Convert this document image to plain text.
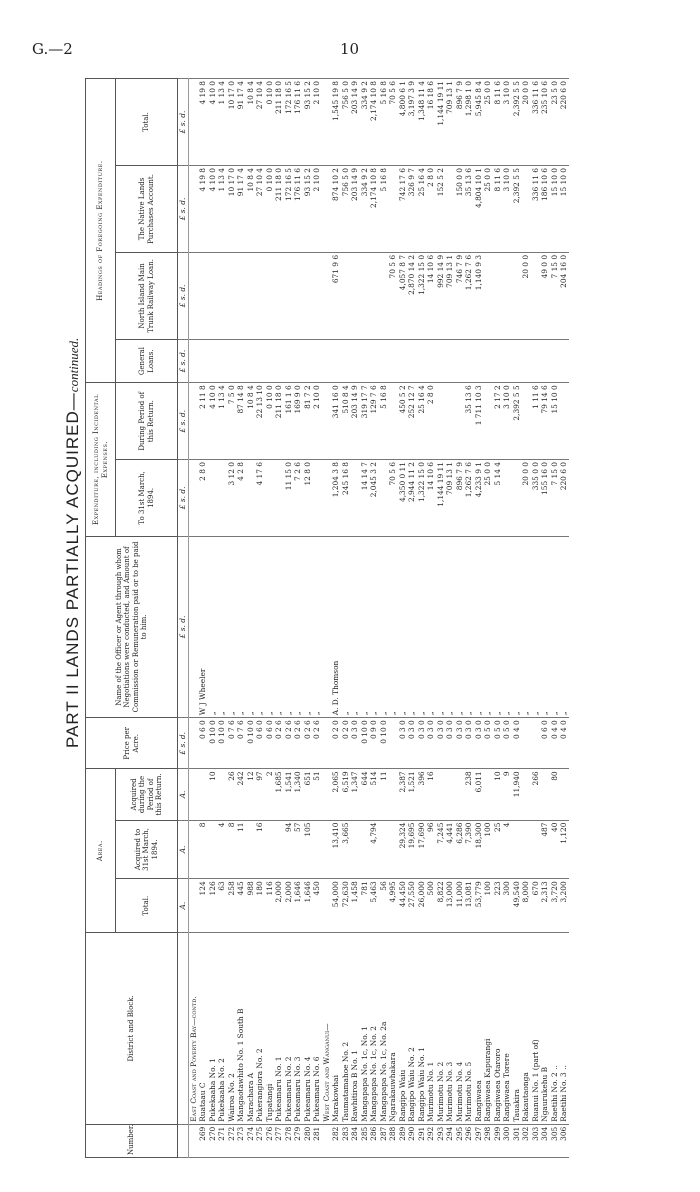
G.—2	10
PART II LANDS PARTIALLY ACQUIRED—continued.
Number.	District and Block.	Area.			Price per Acre.	Name of the Officer or Agent through whom Negotiations were conducted, and Amount of Commission or Remuneration paid or to be paid to him.	Expenditure, including Incidental Expenses.		Headings of Foregoing Expenditure.			
		Total.	Acquired to 31st March, 1894.	Acquired during the Period of this Return.			To 31st March, 1894.	During Period of this Return.	General Loans.	North Island Main Trunk Railway Loan.	The Native Lands Purchases Account.	Total.
		A.	A.	A.	£ s. d.	£ s. d.	£ s. d.	£ s. d.	£ s. d.	£ s. d.	£ s. d.	£ s. d.
	East Coast and Poverty Bay—contd.											
269	Ruataau C	124	8		0 6 0	W J Wheeler	2 8 0	2 11 8			4 19 8	4 19 8
270	Pukekaaha No. 1	126		10	0 10 0	„		4 10 0			4 10 0	4 10 0
271	Pukekaaha No. 2	63	4		0 10 0	„		1 13 4			1 13 4	1 13 4
272	Wairoa No. 2	258	8	26	0 7 6	„	3 12 0	7 5 0			10 17 0	10 17 0
273	Mangaotawhito No. 1 South B	445	11	242	0 7 6	„	4 2 8	87 14 8			91 17 4	91 17 4
274	Marachara A	988		12	0 10 0	„		10 8 4			10 8 4	10 8 4
275	Pukerangiora No. 2	180	16	97	0 6 0	„	4 17 6	22 13 10			27 10 4	27 10 4
276	Tupatangi	116		2	0 6 0	„		0 10 0			0 10 0	0 10 0
277	Pukeamaru No. 1	2,000		1,685	0 2 6	„		211 18 0			211 18 0	211 18 0
278	Pukeamaru No. 2	2,000	94	1,541	0 2 6	„	11 15 0	161 1 6			172 16 5	172 16 5
279	Pukeamaru No. 3	1,646	57	1,340	0 2 6	„	7 2 6	169 9 0			176 11 6	176 11 6
280	Pukeamaru No. 4	1,646	105	651	0 2 6	„	12 8 0	81 7 2			93 15 2	93 15 2
281	Pukeamaru No. 6	450		51	0 2 6	„		2 10 0			2 10 0	2 10 0
	West Coast and Wanganui—											
282	Marakowhai	54,000	13,410	2,065	0 2 0	A. D. Thomson	1,204 3 8	341 16 0		671 9 6	874 10 2	1,545 19 8
283	Taumatamahoe No. 2	72,630	3,665	6,519	0 2 0	„	245 16 8	510 8 4			756 5 0	756 5 0
284	Rawhitiroa B No. 1	1,458		1,347	0 3 0	„		203 14 9			203 14 9	203 14 9
285	Mangapapa No. 1c, No. 1	781		644	0 10 0	„	14 14 7	319 17 7			334 9 2	334 9 2
286	Mangapapa No. 1c, No. 2	5,463	4,794	514	0 9 0	„	2,045 3 2	129 7 6			2,174 10 8	2,174 10 8
287	Mangapapa No. 1c, No. 2a	56		11	0 10 0	„		5 16 8			5 16 8	5 16 8
288	Ngarakauwhakara	4,995				„	70 5 6			70 5 6		70 5 6
289	Rangipo Waiu	44,450	29,324	2,387	0 3 0	„	4,350 0 11	450 5 2		4,057 8 7	742 17 6	4,800 6 1
290	Rangipo Waiu No. 2	27,550	19,695	1,521	0 3 0	„	2,944 11 2	252 12 7		2,870 14 2	326 9 7	3,197 3 9
291	Rangipo Waiu No. 1	26,000	17,690	396	0 3 0	„	1,322 15 0	25 16 4		1,322 15 0	25 16 4	1,348 11 4
292	Murimotu No. 1	500	96	16	0 3 0	„	14 10 6	2 8 0		14 10 6	2 8 0	16 18 6
293	Murimotu No. 2	8,822	7,245		0 3 0	„	1,144 19 11			992 14 9	152 5 2	1,144 19 11
294	Murimotu No. 3	13,000	4,441		0 3 0	„	709 13 1			709 13 1		709 13 1
295	Murimotu No. 4	11,000	6,286		0 3 0	„	896 7 9			746 7 9	150 0 0	896 7 9
296	Murimotu No. 5	13,081	7,390	238	0 3 0	„	1,262 7 6	35 13 6		1,262 7 6	35 13 6	1,298 1 0
297	Rangiwaea	53,779	18,300	6,011	0 3 0	„	4,233 9 1	1 711 10 3		1,140 9 3	4,804 10 1	5,945 8 4
298	Rangiwaea Kapurangi	100	100		0 5 0	„	25 0 0				25 0 0	25 0 0
299	Rangiwaea Otaroro	223	25	10	0 5 0	„	5 14 4	2 17 2			8 11 6	8 11 6
300	Rangiwaea Torere	300	4	9	0 5 0	„		3 10 0			3 10 0	3 10 0
301	Tauakira	49,540		11,940	0 4 0	„		2,392 5 5			2,392 5 5	2,392 5 5
302	Rakautaonga	8,000				„	20 0 0			20 0 0		20 0 0
303	Ruanui No. 1 (part of)	670		266		„	335 0 0	1 11 6			336 11 6	336 11 6
304	Ngaurukehu B	2,313	487		0 6 0	„	155 16 0	79 14 6		49 0 0	186 10 6	235 10 6
305	Raetihi No. 2 ..	3,720	40	80	0 4 0	„	7 15 0	15 10 0		7 15 0	15 10 0	23 5 0
306	Raetihi No. 3 ..	3,200	1,120		0 4 0	„	220 6 0			204 16 0	15 10 0	220 6 0
